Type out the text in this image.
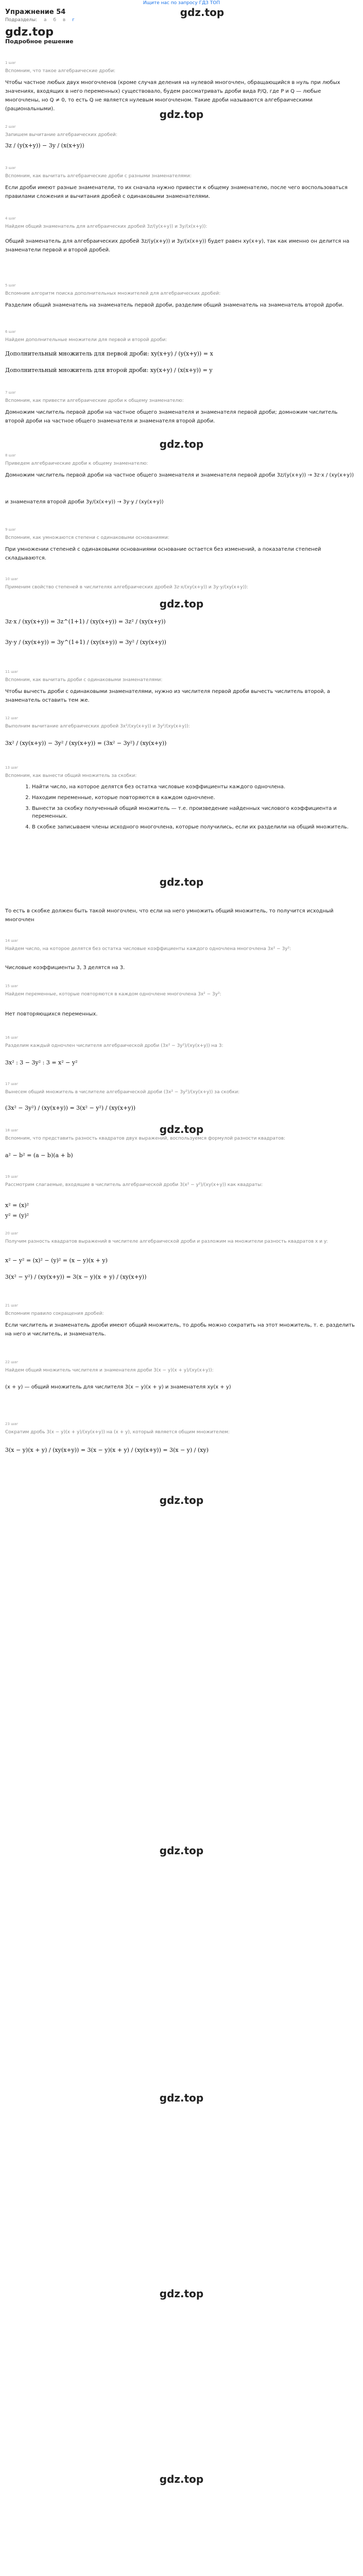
Ищите нас по запросу ГДЗ ТОП
Упражнение 54
Подразделы: а б в г
gdz.top
Подробное решение
gdz.top
gdz.top
gdz.top
gdz.top
gdz.top
gdz.top
gdz.top
gdz.top
gdz.top
gdz.top
gdz.top
1 шаг
Вспомним, что такое алгебраические дроби:
Чтобы частное любых двух многочленов (кроме случая деления на нулевой многочлен, обращающийся в нуль при любых значениях, входящих в него переменных) существовало, будем рассматривать дроби вида P/Q, где P и Q — любые многочлены, но Q ≠ 0, то есть Q не является нулевым многочленом. Такие дроби называются алгебраическими (рациональными).
2 шаг
Запишем вычитание алгебраических дробей:
3z / (y(x+y)) − 3y / (x(x+y))
3 шаг
Вспомним, как вычитать алгебраические дроби с разными знаменателями:
Если дроби имеют разные знаменатели, то их сначала нужно привести к общему знаменателю, после чего воспользоваться правилами сложения и вычитания дробей с одинаковыми знаменателями.
4 шаг
Найдем общий знаменатель для алгебраических дробей 3z/(y(x+y)) и 3y/(x(x+y)):
Общий знаменатель для алгебраических дробей 3z/(y(x+y)) и 3y/(x(x+y)) будет равен xy(x+y), так как именно он делится на знаменатели первой и второй дробей.
5 шаг
Вспомним алгоритм поиска дополнительных множителей для алгебраических дробей:
Разделим общий знаменатель на знаменатель первой дроби, разделим общий знаменатель на знаменатель второй дроби.
6 шаг
Найдем дополнительные множители для первой и второй дроби:
Дополнительный множитель для первой дроби: xy(x+y) / (y(x+y)) = x
Дополнительный множитель для второй дроби: xy(x+y) / (x(x+y)) = y
7 шаг
Вспомним, как привести алгебраические дроби к общему знаменателю:
Домножим числитель первой дроби на частное общего знаменателя и знаменателя первой дроби; домножим числитель второй дроби на частное общего знаменателя и знаменателя второй дроби.
8 шаг
Приведем алгебраические дроби к общему знаменателю:
Домножим числитель первой дроби на частное общего знаменателя и знаменателя первой дроби 3z/(y(x+y)) → 3z·x / (xy(x+y))
и знаменателя второй дроби 3y/(x(x+y)) → 3y·y / (xy(x+y))
9 шаг
Вспомним, как умножаются степени с одинаковыми основаниями:
При умножении степеней с одинаковыми основаниями основание остается без изменений, а показатели степеней складываются.
10 шаг
Применим свойство степеней в числителях алгебраических дробей 3z·x/(xy(x+y)) и 3y·y/(xy(x+y)):
3z·x / (xy(x+y)) = 3z^(1+1) / (xy(x+y)) = 3z² / (xy(x+y))
3y·y / (xy(x+y)) = 3y^(1+1) / (xy(x+y)) = 3y² / (xy(x+y))
11 шаг
Вспомним, как вычитать дроби с одинаковыми знаменателями:
Чтобы вычесть дроби с одинаковыми знаменателями, нужно из числителя первой дроби вычесть числитель второй, а знаменатель оставить тем же.
12 шаг
Выполним вычитание алгебраических дробей 3x²/(xy(x+y)) и 3y²/(xy(x+y)):
3x² / (xy(x+y)) − 3y² / (xy(x+y)) = (3x² − 3y²) / (xy(x+y))
13 шаг
Вспомним, как вынести общий множитель за скобки:
1. Найти число, на которое делятся без остатка числовые коэффициенты каждого одночлена.
2. Находим переменные, которые повторяются в каждом одночлене.
3. Вынести за скобку полученный общий множитель — т.е. произведение найденных числового коэффициента и переменных.
4. В скобке записываем члены исходного многочлена, которые получились, если их разделили на общий множитель.
То есть в скобке должен быть такой многочлен, что если на него умножить общий множитель, то получится исходный многочлен
14 шаг
Найдем число, на которое делятся без остатка числовые коэффициенты каждого одночлена многочлена 3x² − 3y²:
Числовые коэффициенты 3, 3 делятся на 3.
15 шаг
Найдем переменные, которые повторяются в каждом одночлене многочлена 3x² − 3y²:
Нет повторяющихся переменных.
16 шаг
Разделим каждый одночлен числителя алгебраической дроби (3x² − 3y²)/(xy(x+y)) на 3:
3x² : 3 − 3y² : 3 = x² − y²
17 шаг
Вынесем общий множитель в числителе алгебраической дроби (3x² − 3y²)/(xy(x+y)) за скобки:
(3x² − 3y²) / (xy(x+y)) = 3(x² − y²) / (xy(x+y))
18 шаг
Вспомним, что представить разность квадратов двух выражений, воспользуемся формулой разности квадратов:
a² − b² = (a − b)(a + b)
19 шаг
Рассмотрим слагаемые, входящие в числитель алгебраической дроби 3(x² − y²)/(xy(x+y)) как квадраты:
x² = (x)²
y² = (y)²
20 шаг
Получим разность квадратов выражений в числителе алгебраической дроби и разложим на множители разность квадратов x и y:
x² − y² = (x)² − (y)² = (x − y)(x + y)
3(x² − y²) / (xy(x+y)) = 3(x − y)(x + y) / (xy(x+y))
21 шаг
Вспомним правило сокращения дробей:
Если числитель и знаменатель дроби имеют общий множитель, то дробь можно сократить на этот множитель, т. е. разделить на него и числитель, и знаменатель.
22 шаг
Найдем общий множитель числителя и знаменателя дроби 3(x − y)(x + y)/(xy(x+y)):
(x + y) — общий множитель для числителя 3(x − y)(x + y) и знаменателя xy(x + y)
23 шаг
Сократим дробь 3(x − y)(x + y)/(xy(x+y)) на (x + y), который является общим множителем:
3(x − y)(x + y) / (xy(x+y)) = 3(x − y)(x + y) / (xy(x+y)) = 3(x − y) / (xy)
